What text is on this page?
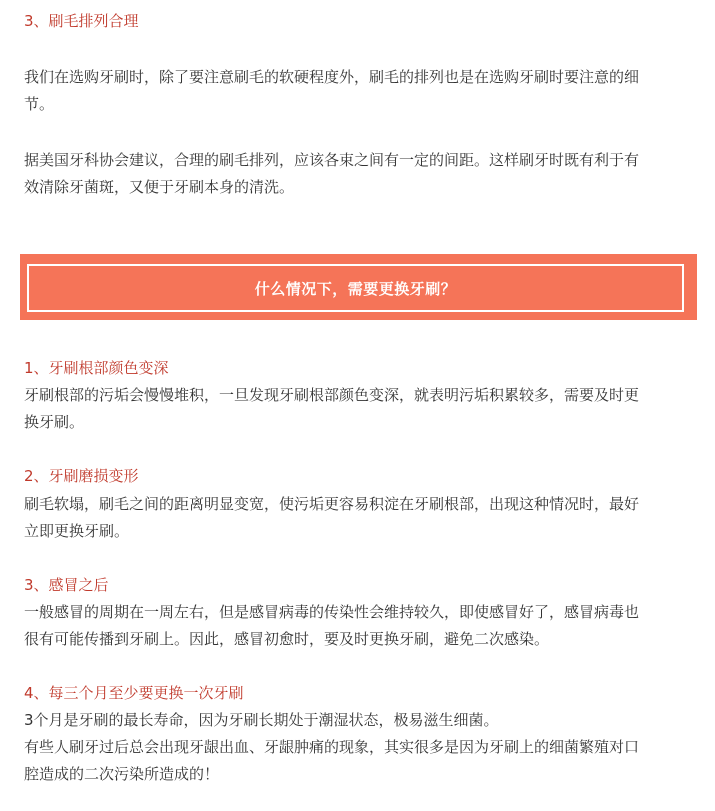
3、刷毛排列合理
我们在选购牙刷时，除了要注意刷毛的软硬程度外，刷毛的排列也是在选购牙刷时要注意的细
节。
据美国牙科协会建议，合理的刷毛排列，应该各束之间有一定的间距。这样刷牙时既有利于有
效清除牙菌斑，又便于牙刷本身的清洗。
什么情况下，需要更换牙刷？
1、牙刷根部颜色变深
牙刷根部的污垢会慢慢堆积，一旦发现牙刷根部颜色变深，就表明污垢积累较多，需要及时更
换牙刷。
2、牙刷磨损变形
刷毛软塌，刷毛之间的距离明显变宽，使污垢更容易积淀在牙刷根部，出现这种情况时，最好
立即更换牙刷。
3、感冒之后
一般感冒的周期在一周左右，但是感冒病毒的传染性会维持较久，即使感冒好了，感冒病毒也
很有可能传播到牙刷上。因此，感冒初愈时，要及时更换牙刷，避免二次感染。
4、每三个月至少要更换一次牙刷
3个月是牙刷的最长寿命，因为牙刷长期处于潮湿状态，极易滋生细菌。
有些人刷牙过后总会出现牙龈出血、牙龈肿痛的现象，其实很多是因为牙刷上的细菌繁殖对口
腔造成的二次污染所造成的！
